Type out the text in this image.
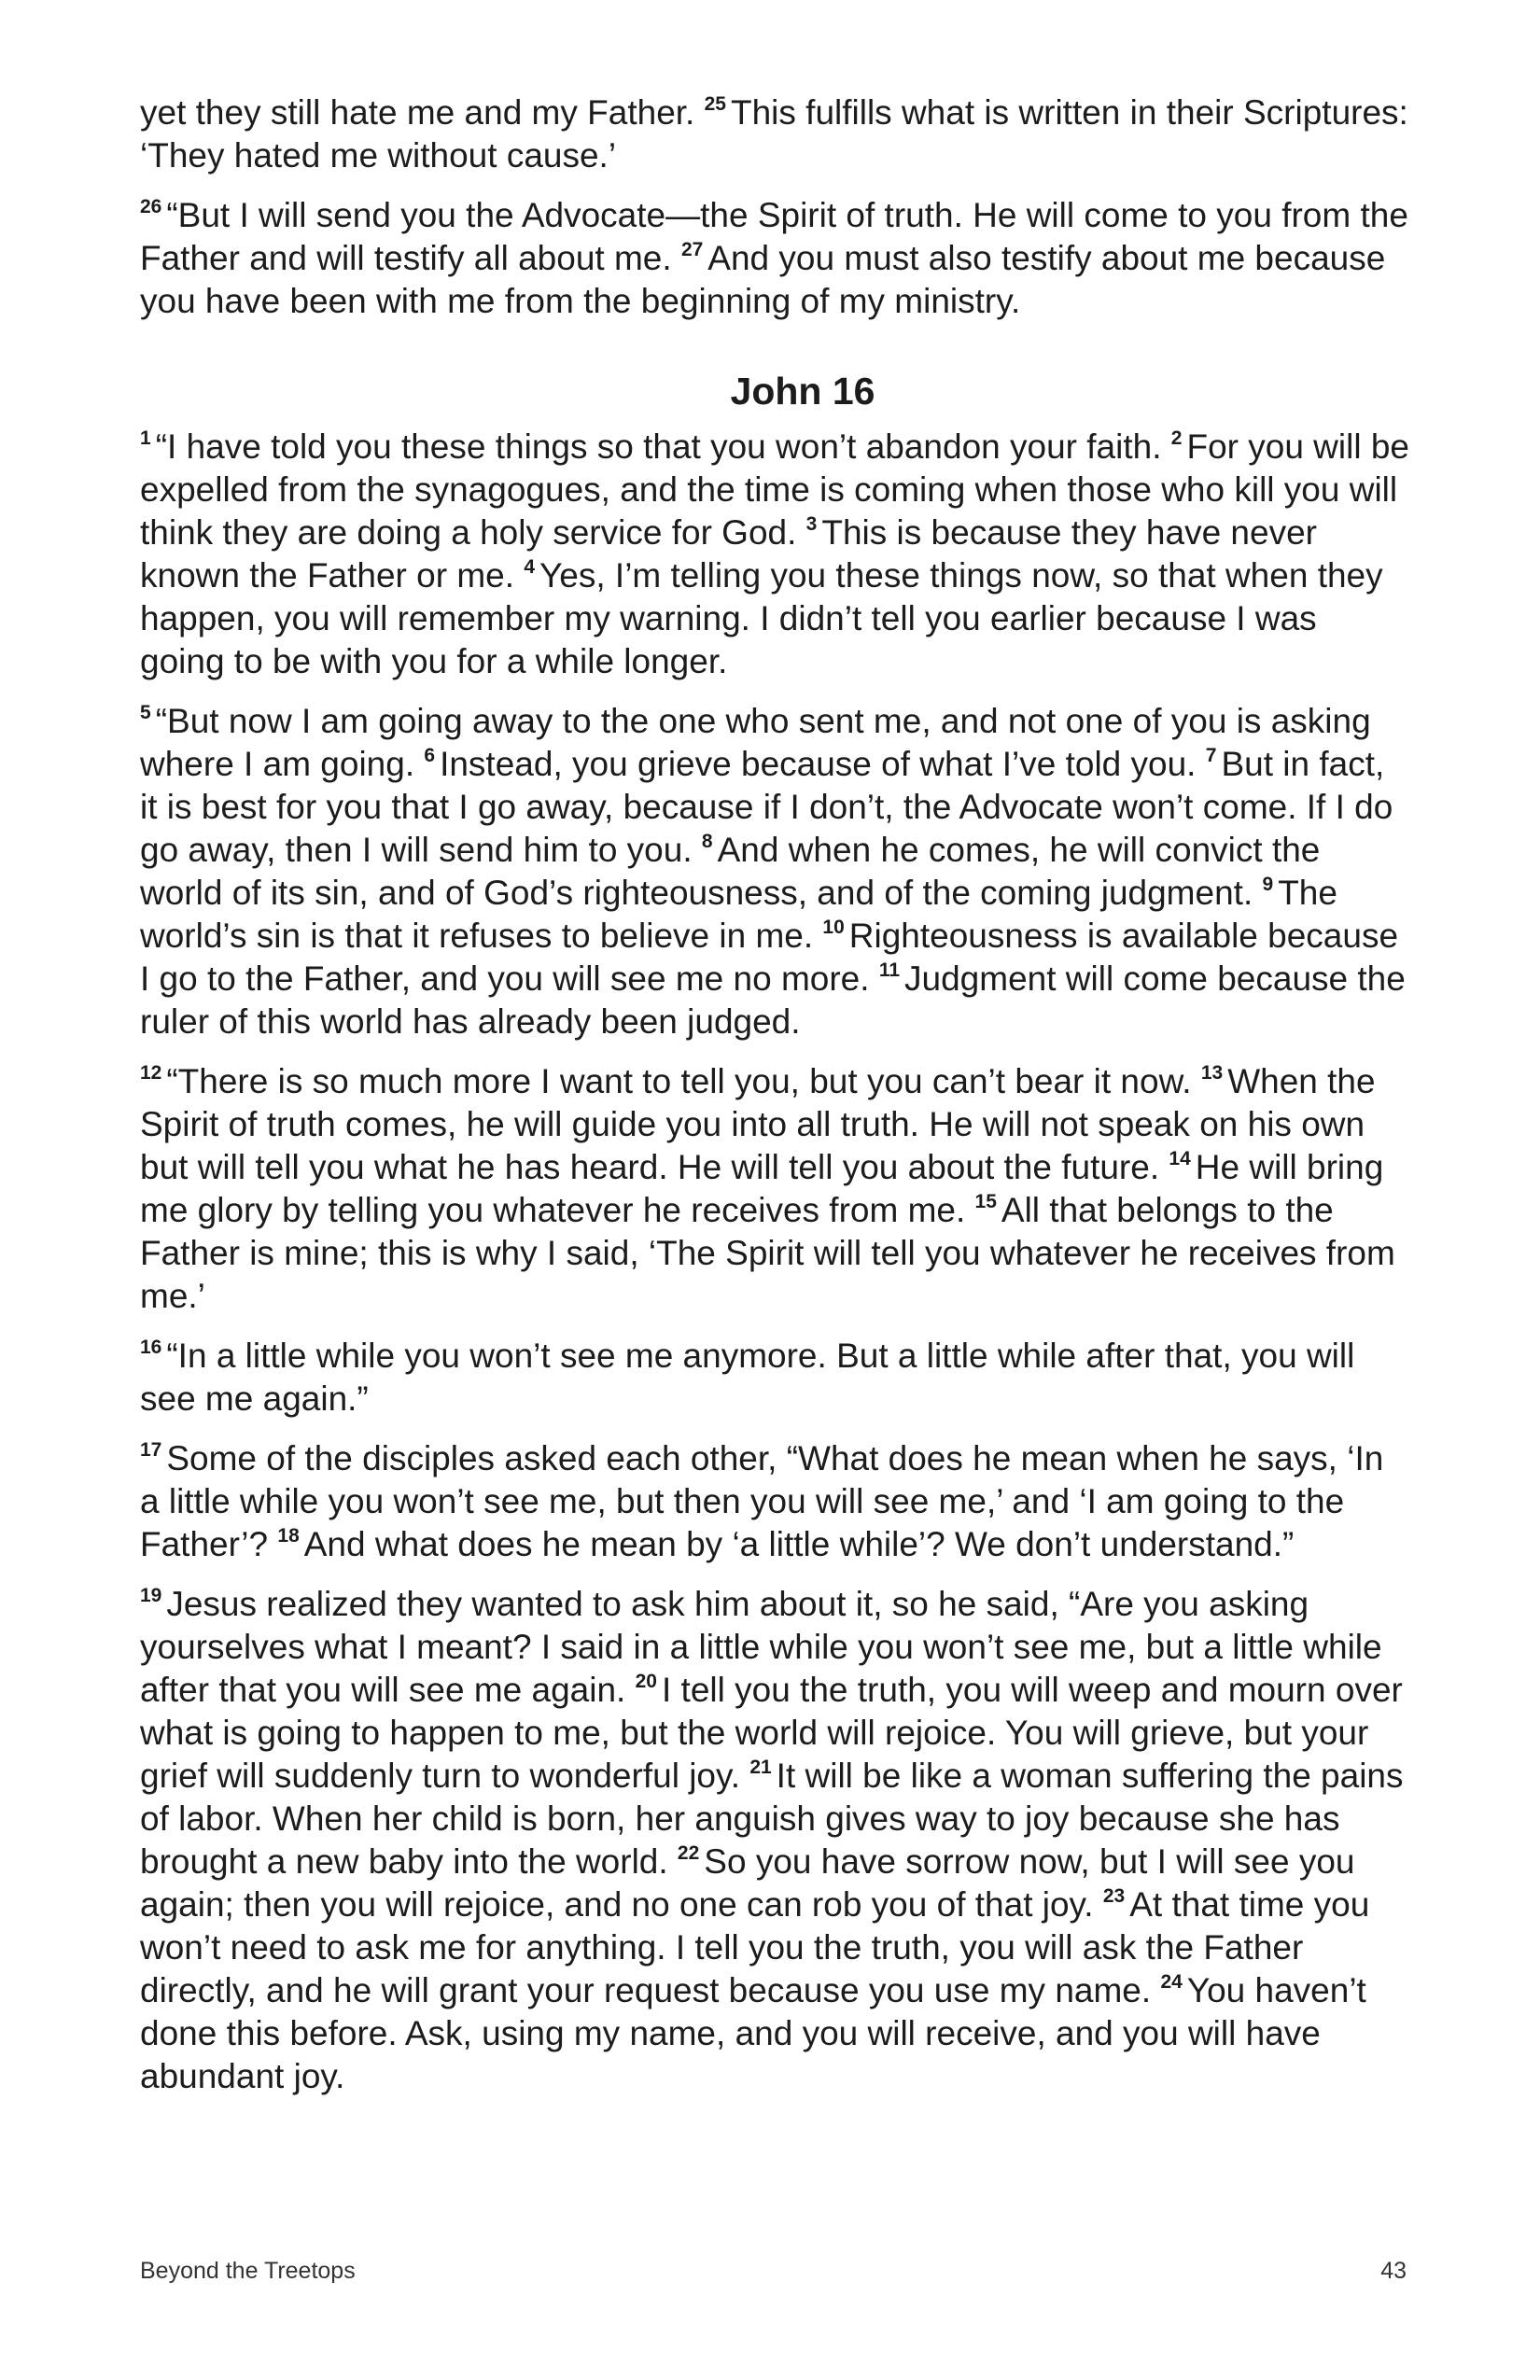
yet they still hate me and my Father. $^{25}$ This fulfills what is written in their Scriptures: ‘They hated me without cause.’

$^{26}$ “But I will send you the Advocate—the Spirit of truth. He will come to you from the Father and will testify all about me. $^{27}$ And you must also testify about me because you have been with me from the beginning of my ministry.

John 16

$^1$ “I have told you these things so that you won’t abandon your faith. $^2$ For you will be expelled from the synagogues, and the time is coming when those who kill you will think they are doing a holy service for God. $^3$ This is because they have never known the Father or me. $^4$ Yes, I’m telling you these things now, so that when they happen, you will remember my warning. I didn’t tell you earlier because I was going to be with you for a while longer.

$^5$ “But now I am going away to the one who sent me, and not one of you is asking where I am going. $^6$ Instead, you grieve because of what I’ve told you. $^7$ But in fact, it is best for you that I go away, because if I don’t, the Advocate won’t come. If I do go away, then I will send him to you. $^8$ And when he comes, he will convict the world of its sin, and of God’s righteousness, and of the coming judgment. $^9$ The world’s sin is that it refuses to believe in me. $^{10}$ Righteousness is available because I go to the Father, and you will see me no more. $^{11}$ Judgment will come because the ruler of this world has already been judged.

$^{12}$ “There is so much more I want to tell you, but you can’t bear it now. $^{13}$ When the Spirit of truth comes, he will guide you into all truth. He will not speak on his own but will tell you what he has heard. He will tell you about the future. $^{14}$ He will bring me glory by telling you whatever he receives from me. $^{15}$ All that belongs to the Father is mine; this is why I said, ‘The Spirit will tell you whatever he receives from me.’

$^{16}$ “In a little while you won’t see me anymore. But a little while after that, you will see me again.”

$^{17}$ Some of the disciples asked each other, “What does he mean when he says, ‘In a little while you won’t see me, but then you will see me,’ and ‘I am going to the Father’? $^{18}$ And what does he mean by ‘a little while’? We don’t understand.”

$^{19}$ Jesus realized they wanted to ask him about it, so he said, “Are you asking yourselves what I meant? I said in a little while you won’t see me, but a little while after that you will see me again. $^{20}$ I tell you the truth, you will weep and mourn over what is going to happen to me, but the world will rejoice. You will grieve, but your grief will suddenly turn to wonderful joy. $^{21}$ It will be like a woman suffering the pains of labor. When her child is born, her anguish gives way to joy because she has brought a new baby into the world. $^{22}$ So you have sorrow now, but I will see you again; then you will rejoice, and no one can rob you of that joy. $^{23}$ At that time you won’t need to ask me for anything. I tell you the truth, you will ask the Father directly, and he will grant your request because you use my name. $^{24}$ You haven’t done this before. Ask, using my name, and you will receive, and you will have abundant joy.

Beyond the Treetops	43
